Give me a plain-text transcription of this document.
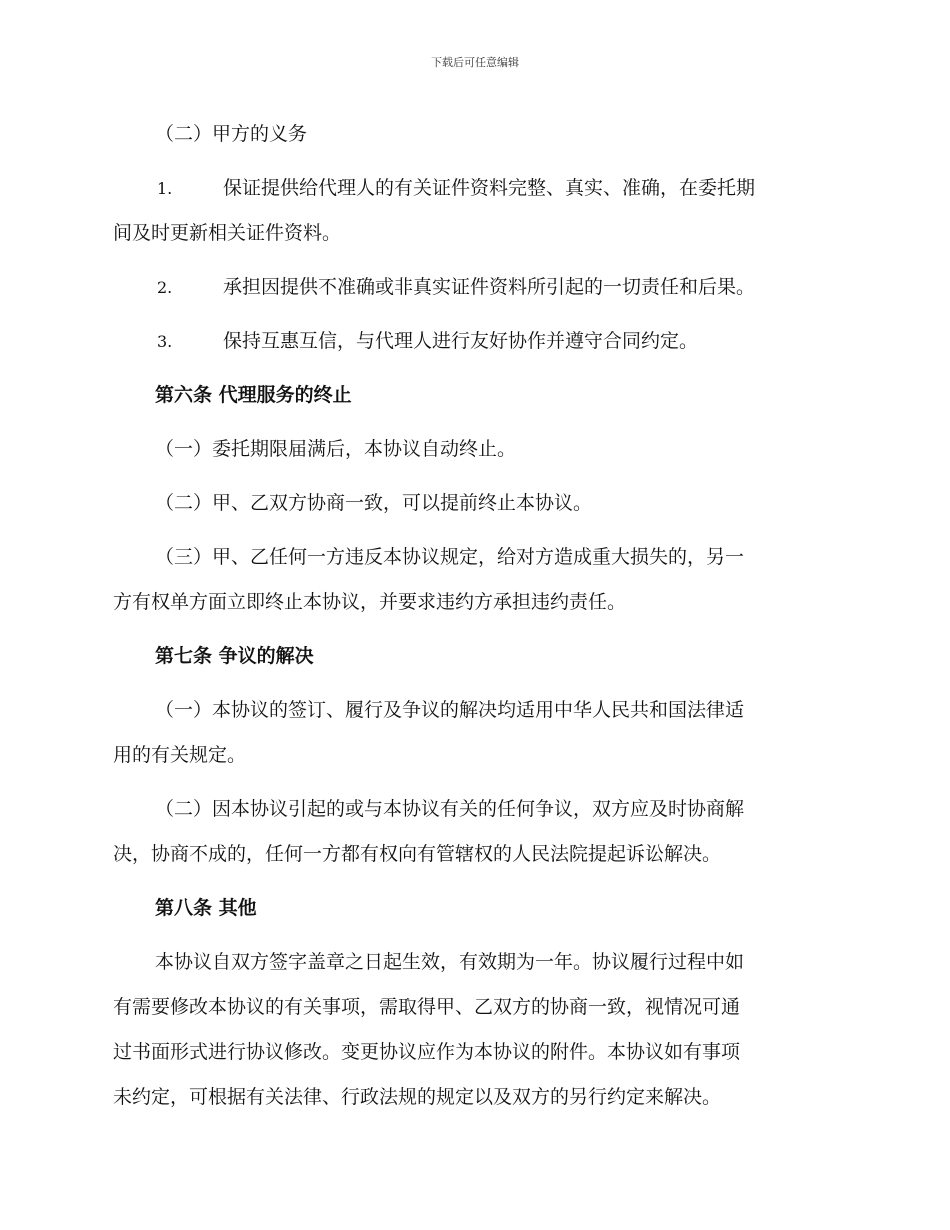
下载后可任意编辑
（二）甲方的义务
1.	保证提供给代理人的有关证件资料完整、真实、准确，在委托期
间及时更新相关证件资料。
2.	承担因提供不准确或非真实证件资料所引起的一切责任和后果。
3.	保持互惠互信，与代理人进行友好协作并遵守合同约定。
第六条 代理服务的终止
（一）委托期限届满后，本协议自动终止。
（二）甲、乙双方协商一致，可以提前终止本协议。
（三）甲、乙任何一方违反本协议规定，给对方造成重大损失的，另一
方有权单方面立即终止本协议，并要求违约方承担违约责任。
第七条 争议的解决
（一）本协议的签订、履行及争议的解决均适用中华人民共和国法律适
用的有关规定。
（二）因本协议引起的或与本协议有关的任何争议，双方应及时协商解
决，协商不成的，任何一方都有权向有管辖权的人民法院提起诉讼解决。
第八条 其他
本协议自双方签字盖章之日起生效，有效期为一年。协议履行过程中如
有需要修改本协议的有关事项，需取得甲、乙双方的协商一致，视情况可通
过书面形式进行协议修改。变更协议应作为本协议的附件。本协议如有事项
未约定，可根据有关法律、行政法规的规定以及双方的另行约定来解决。
